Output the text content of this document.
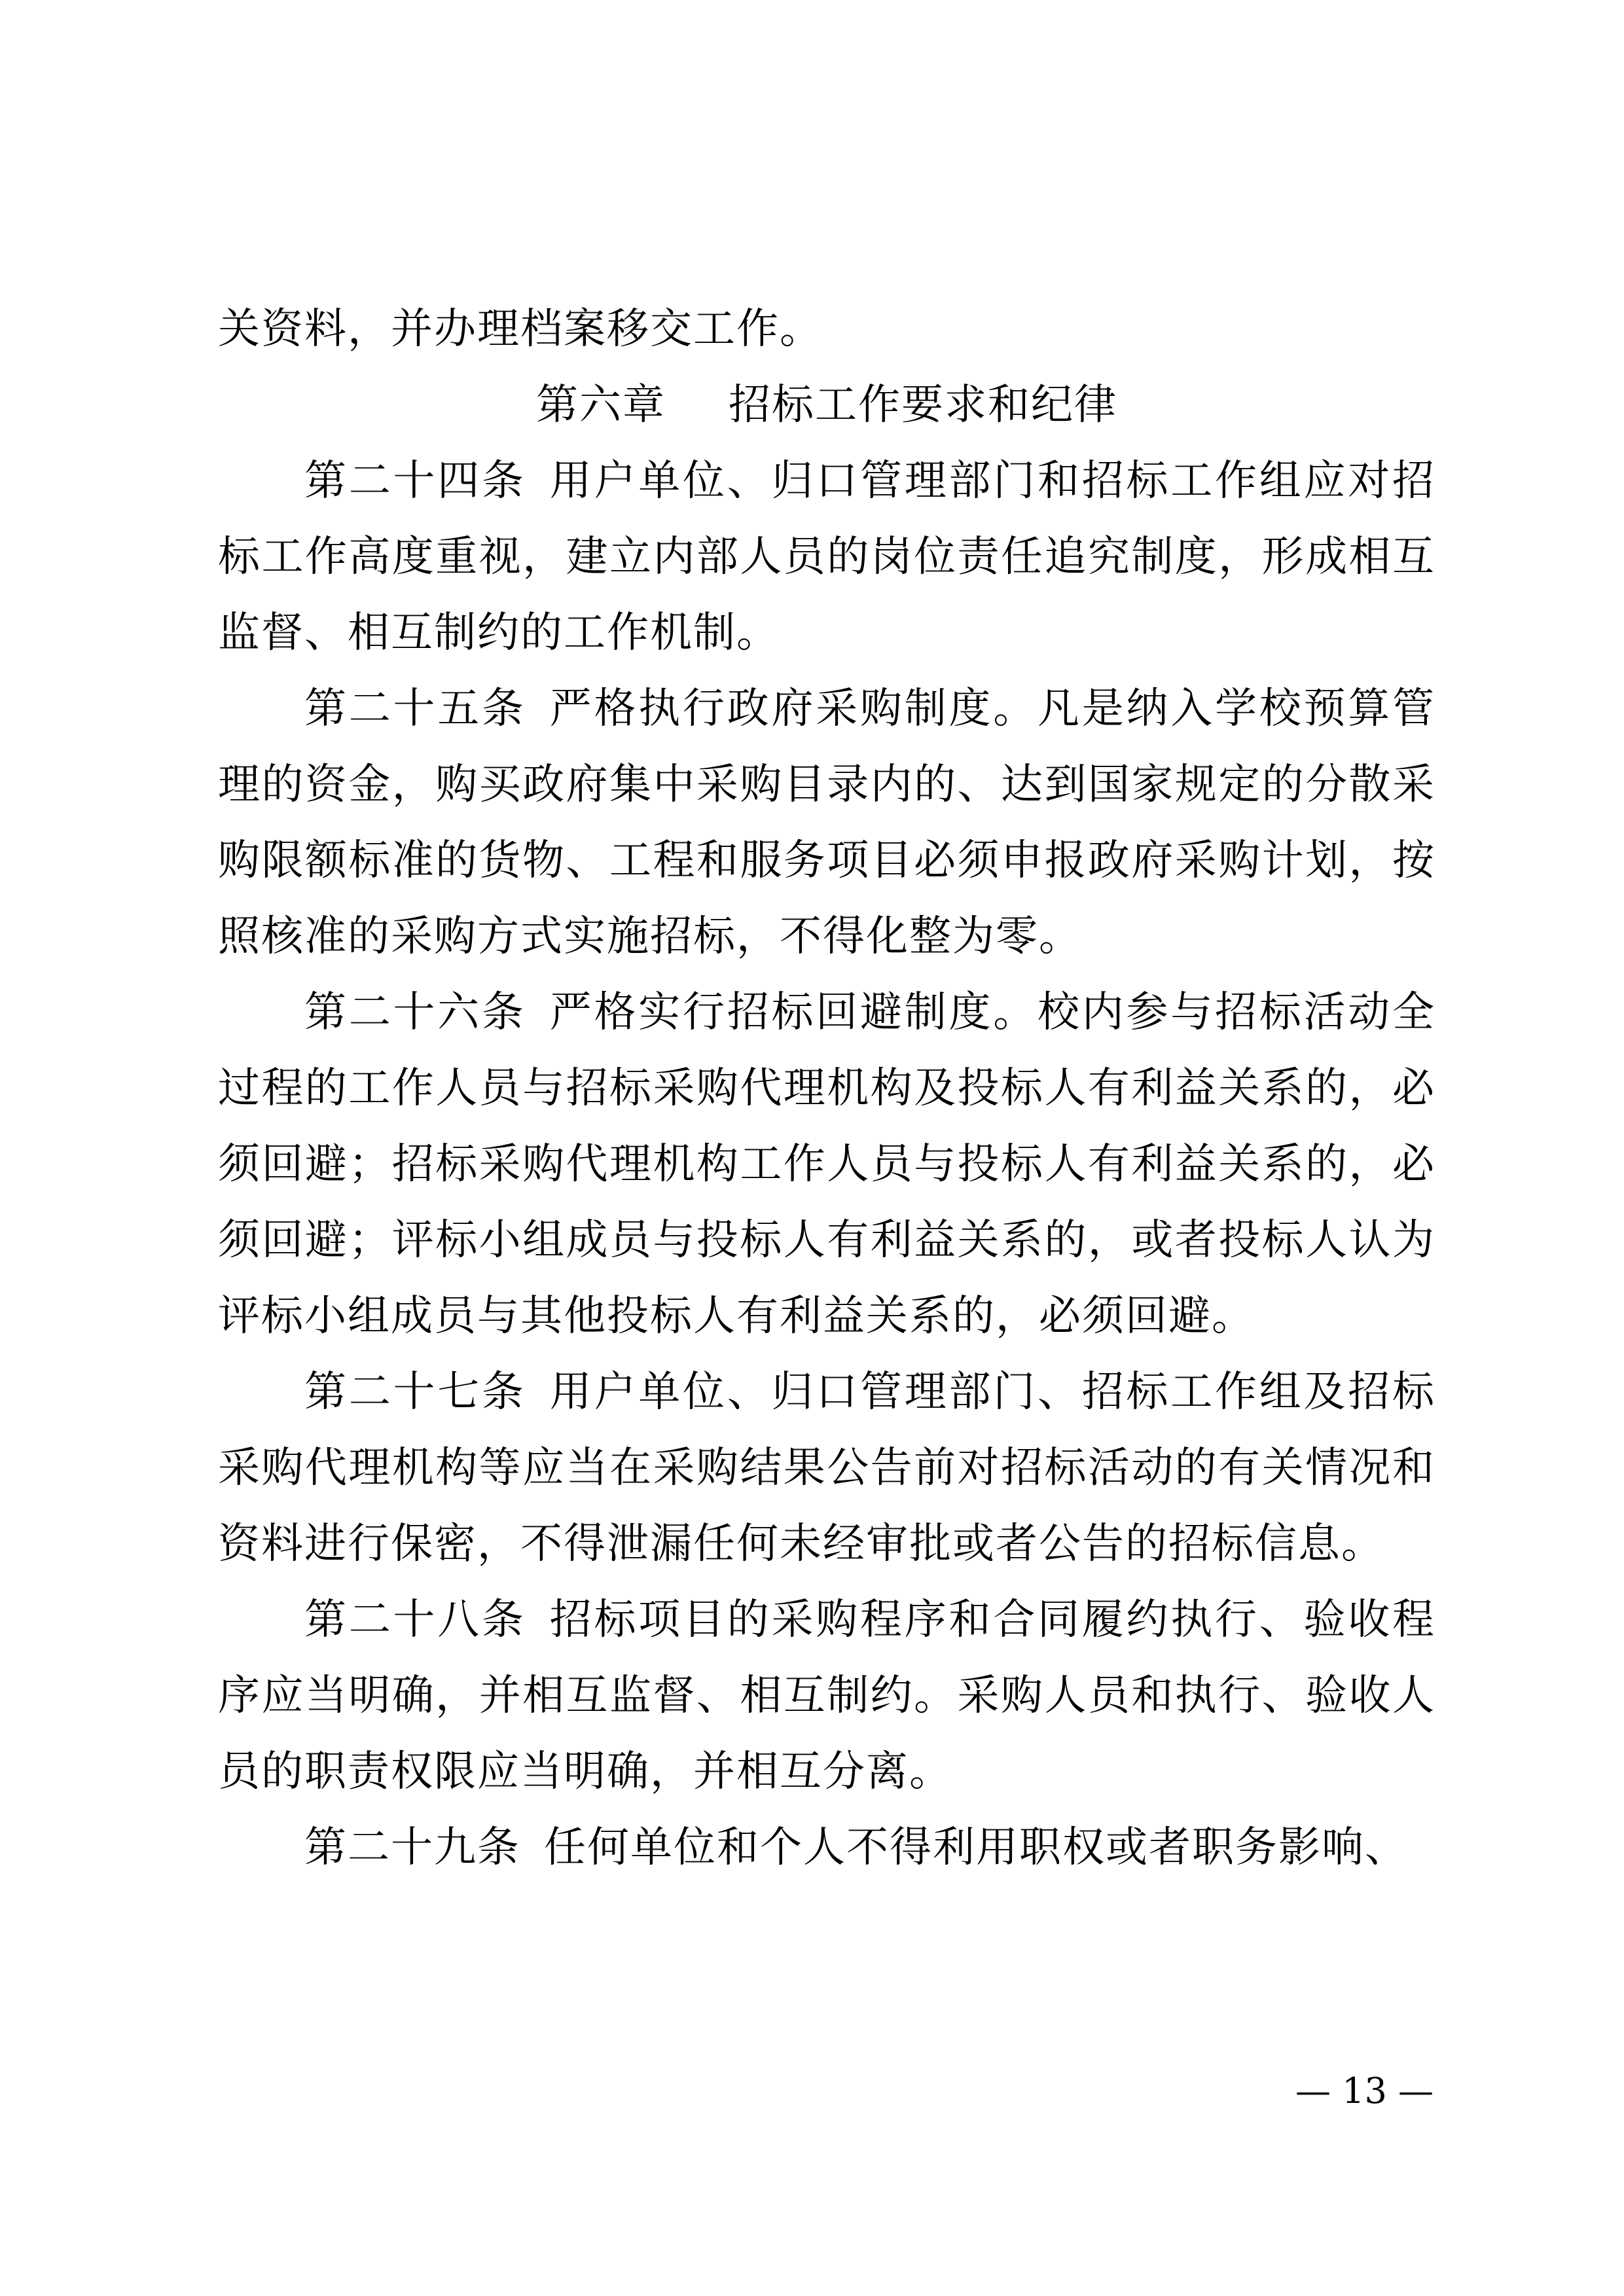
关资料，并办理档案移交工作。

第六章 招标工作要求和纪律

第二十四条 用户单位、归口管理部门和招标工作组应对招标工作高度重视，建立内部人员的岗位责任追究制度，形成相互监督、相互制约的工作机制。

第二十五条 严格执行政府采购制度。凡是纳入学校预算管理的资金，购买政府集中采购目录内的、达到国家规定的分散采购限额标准的货物、工程和服务项目必须申报政府采购计划，按照核准的采购方式实施招标，不得化整为零。

第二十六条 严格实行招标回避制度。校内参与招标活动全过程的工作人员与招标采购代理机构及投标人有利益关系的，必须回避；招标采购代理机构工作人员与投标人有利益关系的，必须回避；评标小组成员与投标人有利益关系的，或者投标人认为评标小组成员与其他投标人有利益关系的，必须回避。

第二十七条 用户单位、归口管理部门、招标工作组及招标采购代理机构等应当在采购结果公告前对招标活动的有关情况和资料进行保密，不得泄漏任何未经审批或者公告的招标信息。

第二十八条 招标项目的采购程序和合同履约执行、验收程序应当明确，并相互监督、相互制约。采购人员和执行、验收人员的职责权限应当明确，并相互分离。

第二十九条 任何单位和个人不得利用职权或者职务影响、

— 13 —
